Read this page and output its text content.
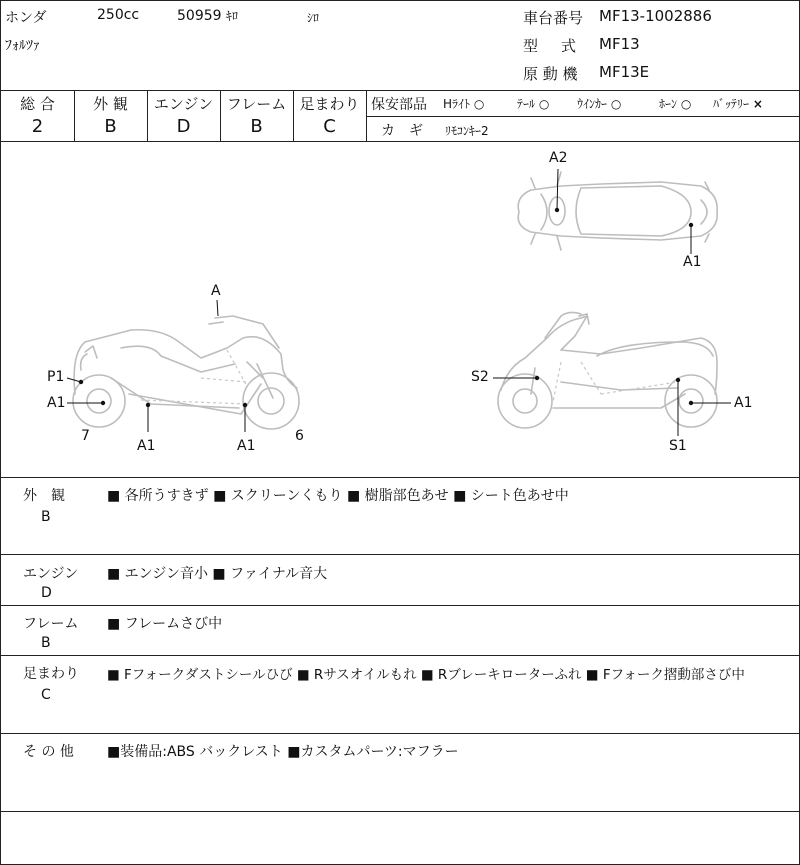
ホンダ	250cc	50959 ｷﾛ	ｼﾛ
ﾌｫﾙﾂｧ
車台番号 MF13-1002886
型　式 MF13
原 動 機 MF13E
総 合	外 観	エンジン フレーム 足まわり
2	B	D	B	C
保安部品 Hﾗｲﾄ ○	ﾃｰﾙ ○ ｳｲﾝｶｰ ○	ﾎｰﾝ ○ ﾊﾞｯﾃﾘｰ ×
カ　ギ ﾘﾓｺﾝｷｰ2
A2
A1
A
P1
A1
7
A1	A1
6
S2
A1
S1
外　観
B
■ 各所うすきず ■ スクリーンくもり ■ 樹脂部色あせ ■ シート色あせ中
エンジン
D
■ エンジン音小 ■ ファイナル音大
フレーム
B
■ フレームさび中
足まわり
C
■ Fフォークダストシールひび ■ Rサスオイルもれ ■ Rブレーキローターふれ ■ Fフォーク摺動部さび中
そ の 他 ■装備品:ABS バックレスト ■カスタムパーツ:マフラー
